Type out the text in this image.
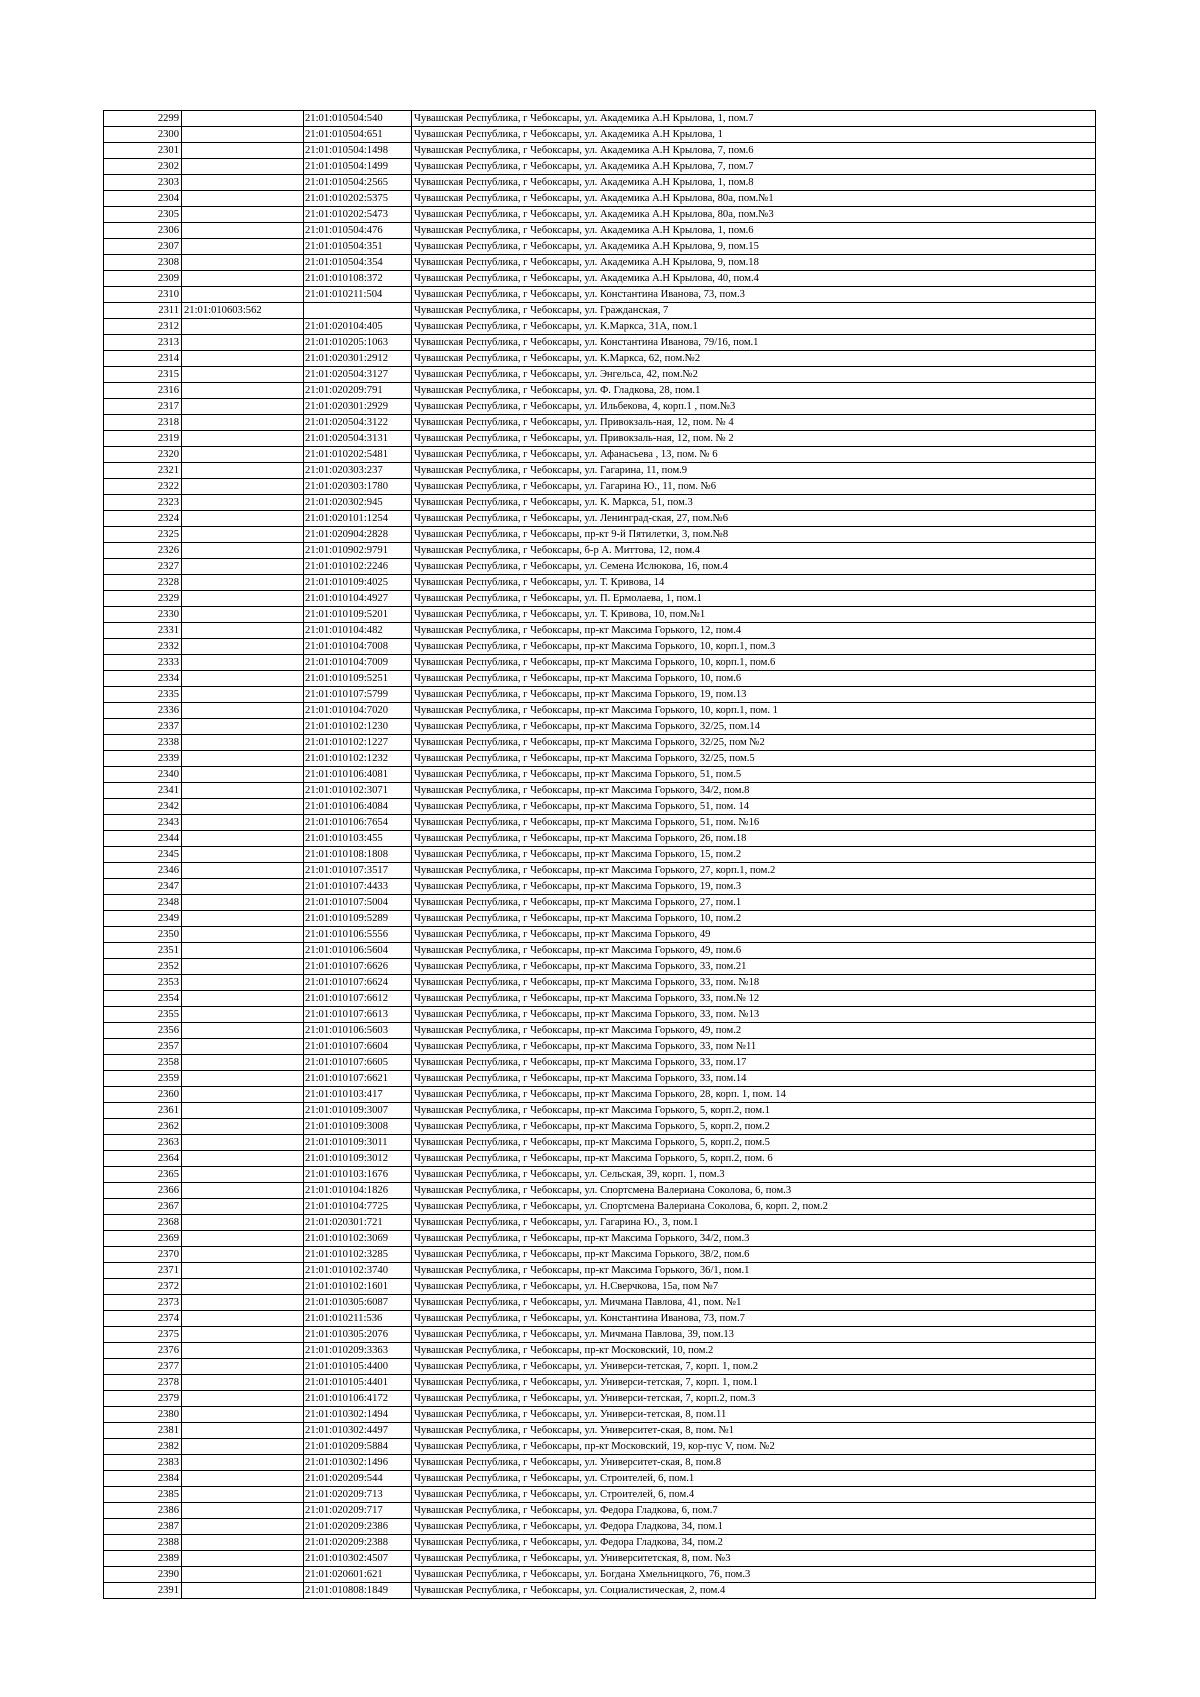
2299		21:01:010504:540	Чувашская Республика, г Чебоксары, ул. Академика А.Н Крылова, 1, пом.7
2300		21:01:010504:651	Чувашская Республика, г Чебоксары, ул. Академика А.Н Крылова, 1
2301		21:01:010504:1498	Чувашская Республика, г Чебоксары, ул. Академика А.Н Крылова, 7, пом.6
2302		21:01:010504:1499	Чувашская Республика, г Чебоксары, ул. Академика А.Н Крылова, 7, пом.7
2303		21:01:010504:2565	Чувашская Республика, г Чебоксары, ул. Академика А.Н Крылова, 1, пом.8
2304		21:01:010202:5375	Чувашская Республика, г Чебоксары, ул. Академика А.Н Крылова, 80а, пом.№1
2305		21:01:010202:5473	Чувашская Республика, г Чебоксары, ул. Академика А.Н Крылова, 80а, пом.№3
2306		21:01:010504:476	Чувашская Республика, г Чебоксары, ул. Академика А.Н Крылова, 1, пом.6
2307		21:01:010504:351	Чувашская Республика, г Чебоксары, ул. Академика А.Н Крылова, 9, пом.15
2308		21:01:010504:354	Чувашская Республика, г Чебоксары, ул. Академика А.Н Крылова, 9, пом.18
2309		21:01:010108:372	Чувашская Республика, г Чебоксары, ул. Академика А.Н Крылова, 40, пом.4
2310		21:01:010211:504	Чувашская Республика, г Чебоксары, ул. Константина Иванова, 73, пом.3
2311	21:01:010603:562		Чувашская Республика, г Чебоксары, ул. Гражданская, 7
2312		21:01:020104:405	Чувашская Республика, г Чебоксары, ул. К.Маркса, 31А, пом.1
2313		21:01:010205:1063	Чувашская Республика, г Чебоксары, ул. Константина Иванова, 79/16, пом.1
2314		21:01:020301:2912	Чувашская Республика, г Чебоксары, ул. К.Маркса, 62, пом.№2
2315		21:01:020504:3127	Чувашская Республика, г Чебоксары, ул. Энгельса, 42, пом.№2
2316		21:01:020209:791	Чувашская Республика, г Чебоксары, ул. Ф. Гладкова, 28, пом.1
2317		21:01:020301:2929	Чувашская Республика, г Чебоксары, ул. Ильбекова, 4, корп.1 , пом.№3
2318		21:01:020504:3122	Чувашская Республика, г Чебоксары, ул. Привокзаль-ная, 12, пом. № 4
2319		21:01:020504:3131	Чувашская Республика, г Чебоксары, ул. Привокзаль-ная, 12, пом. № 2
2320		21:01:010202:5481	Чувашская Республика, г Чебоксары, ул. Афанасьева , 13, пом. № 6
2321		21:01:020303:237	Чувашская Республика, г Чебоксары, ул. Гагарина, 11, пом.9
2322		21:01:020303:1780	Чувашская Республика, г Чебоксары, ул. Гагарина Ю., 11, пом. №6
2323		21:01:020302:945	Чувашская Республика, г Чебоксары, ул. К. Маркса, 51, пом.3
2324		21:01:020101:1254	Чувашская Республика, г Чебоксары, ул. Ленинград-ская, 27, пом.№6
2325		21:01:020904:2828	Чувашская Республика, г Чебоксары, пр-кт 9-й Пятилетки, 3, пом.№8
2326		21:01:010902:9791	Чувашская Республика, г Чебоксары, б-р А. Миттова, 12, пом.4
2327		21:01:010102:2246	Чувашская Республика, г Чебоксары, ул. Семена Ислюкова, 16, пом.4
2328		21:01:010109:4025	Чувашская Республика, г Чебоксары, ул. Т. Кривова, 14
2329		21:01:010104:4927	Чувашская Республика, г Чебоксары, ул. П. Ермолаева, 1, пом.1
2330		21:01:010109:5201	Чувашская Республика, г Чебоксары, ул. Т. Кривова, 10, пом.№1
2331		21:01:010104:482	Чувашская Республика, г Чебоксары, пр-кт Максима Горького, 12, пом.4
2332		21:01:010104:7008	Чувашская Республика, г Чебоксары, пр-кт Максима Горького, 10, корп.1, пом.3
2333		21:01:010104:7009	Чувашская Республика, г Чебоксары, пр-кт Максима Горького, 10, корп.1, пом.6
2334		21:01:010109:5251	Чувашская Республика, г Чебоксары, пр-кт Максима Горького, 10, пом.6
2335		21:01:010107:5799	Чувашская Республика, г Чебоксары, пр-кт Максима Горького, 19, пом.13
2336		21:01:010104:7020	Чувашская Республика, г Чебоксары, пр-кт Максима Горького, 10, корп.1, пом. 1
2337		21:01:010102:1230	Чувашская Республика, г Чебоксары, пр-кт Максима Горького, 32/25, пом.14
2338		21:01:010102:1227	Чувашская Республика, г Чебоксары, пр-кт Максима Горького, 32/25, пом №2
2339		21:01:010102:1232	Чувашская Республика, г Чебоксары, пр-кт Максима Горького, 32/25, пом.5
2340		21:01:010106:4081	Чувашская Республика, г Чебоксары, пр-кт Максима Горького, 51, пом.5
2341		21:01:010102:3071	Чувашская Республика, г Чебоксары, пр-кт Максима Горького, 34/2, пом.8
2342		21:01:010106:4084	Чувашская Республика, г Чебоксары, пр-кт Максима Горького, 51, пом. 14
2343		21:01:010106:7654	Чувашская Республика, г Чебоксары, пр-кт Максима Горького, 51, пом. №16
2344		21:01:010103:455	Чувашская Республика, г Чебоксары, пр-кт Максима Горького, 26, пом.18
2345		21:01:010108:1808	Чувашская Республика, г Чебоксары, пр-кт Максима Горького, 15, пом.2
2346		21:01:010107:3517	Чувашская Республика, г Чебоксары, пр-кт Максима Горького, 27, корп.1, пом.2
2347		21:01:010107:4433	Чувашская Республика, г Чебоксары, пр-кт Максима Горького, 19, пом.3
2348		21:01:010107:5004	Чувашская Республика, г Чебоксары, пр-кт Максима Горького, 27, пом.1
2349		21:01:010109:5289	Чувашская Республика, г Чебоксары, пр-кт Максима Горького, 10, пом.2
2350		21:01:010106:5556	Чувашская Республика, г Чебоксары, пр-кт Максима Горького, 49
2351		21:01:010106:5604	Чувашская Республика, г Чебоксары, пр-кт Максима Горького, 49, пом.6
2352		21:01:010107:6626	Чувашская Республика, г Чебоксары, пр-кт Максима Горького, 33, пом.21
2353		21:01:010107:6624	Чувашская Республика, г Чебоксары, пр-кт Максима Горького, 33, пом. №18
2354		21:01:010107:6612	Чувашская Республика, г Чебоксары, пр-кт Максима Горького, 33, пом.№ 12
2355		21:01:010107:6613	Чувашская Республика, г Чебоксары, пр-кт Максима Горького, 33, пом. №13
2356		21:01:010106:5603	Чувашская Республика, г Чебоксары, пр-кт Максима Горького, 49, пом.2
2357		21:01:010107:6604	Чувашская Республика, г Чебоксары, пр-кт Максима Горького, 33, пом №11
2358		21:01:010107:6605	Чувашская Республика, г Чебоксары, пр-кт Максима Горького, 33, пом.17
2359		21:01:010107:6621	Чувашская Республика, г Чебоксары, пр-кт Максима Горького, 33, пом.14
2360		21:01:010103:417	Чувашская Республика, г Чебоксары, пр-кт Максима Горького, 28, корп. 1, пом. 14
2361		21:01:010109:3007	Чувашская Республика, г Чебоксары, пр-кт Максима Горького, 5, корп.2, пом.1
2362		21:01:010109:3008	Чувашская Республика, г Чебоксары, пр-кт Максима Горького, 5, корп.2, пом.2
2363		21:01:010109:3011	Чувашская Республика, г Чебоксары, пр-кт Максима Горького, 5, корп.2, пом.5
2364		21:01:010109:3012	Чувашская Республика, г Чебоксары, пр-кт Максима Горького, 5, корп.2, пом. 6
2365		21:01:010103:1676	Чувашская Республика, г Чебоксары, ул. Сельская, 39, корп. 1, пом.3
2366		21:01:010104:1826	Чувашская Республика, г Чебоксары, ул. Спортсмена Валериана Соколова, 6, пом.3
2367		21:01:010104:7725	Чувашская Республика, г Чебоксары, ул. Спортсмена Валериана Соколова, 6, корп. 2, пом.2
2368		21:01:020301:721	Чувашская Республика, г Чебоксары, ул. Гагарина Ю., 3, пом.1
2369		21:01:010102:3069	Чувашская Республика, г Чебоксары, пр-кт Максима Горького, 34/2, пом.3
2370		21:01:010102:3285	Чувашская Республика, г Чебоксары, пр-кт Максима Горького, 38/2, пом.6
2371		21:01:010102:3740	Чувашская Республика, г Чебоксары, пр-кт Максима Горького, 36/1, пом.1
2372		21:01:010102:1601	Чувашская Республика, г Чебоксары, ул. Н.Сверчкова, 15а, пом №7
2373		21:01:010305:6087	Чувашская Республика, г Чебоксары, ул. Мичмана Павлова, 41, пом. №1
2374		21:01:010211:536	Чувашская Республика, г Чебоксары, ул. Константина Иванова, 73, пом.7
2375		21:01:010305:2076	Чувашская Республика, г Чебоксары, ул. Мичмана Павлова, 39, пом.13
2376		21:01:010209:3363	Чувашская Республика, г Чебоксары, пр-кт Московский, 10, пом.2
2377		21:01:010105:4400	Чувашская Республика, г Чебоксары, ул. Универси-тетская, 7, корп. 1, пом.2
2378		21:01:010105:4401	Чувашская Республика, г Чебоксары, ул. Универси-тетская, 7, корп. 1, пом.1
2379		21:01:010106:4172	Чувашская Республика, г Чебоксары, ул. Универси-тетская, 7, корп.2, пом.3
2380		21:01:010302:1494	Чувашская Республика, г Чебоксары, ул. Универси-тетская, 8, пом.11
2381		21:01:010302:4497	Чувашская Республика, г Чебоксары, ул. Университет-ская, 8, пом. №1
2382		21:01:010209:5884	Чувашская Республика, г Чебоксары, пр-кт Московский, 19, кор-пус V, пом. №2
2383		21:01:010302:1496	Чувашская Республика, г Чебоксары, ул. Университет-ская, 8, пом.8
2384		21:01:020209:544	Чувашская Республика, г Чебоксары, ул. Строителей, 6, пом.1
2385		21:01:020209:713	Чувашская Республика, г Чебоксары, ул. Строителей, 6, пом.4
2386		21:01:020209:717	Чувашская Республика, г Чебоксары, ул. Федора Гладкова, 6, пом.7
2387		21:01:020209:2386	Чувашская Республика, г Чебоксары, ул. Федора Гладкова, 34, пом.1
2388		21:01:020209:2388	Чувашская Республика, г Чебоксары, ул. Федора Гладкова, 34, пом.2
2389		21:01:010302:4507	Чувашская Республика, г Чебоксары, ул. Университетская, 8, пом. №3
2390		21:01:020601:621	Чувашская Республика, г Чебоксары, ул. Богдана Хмельницкого, 76, пом.3
2391		21:01:010808:1849	Чувашская Республика, г Чебоксары, ул. Социалистическая, 2, пом.4
